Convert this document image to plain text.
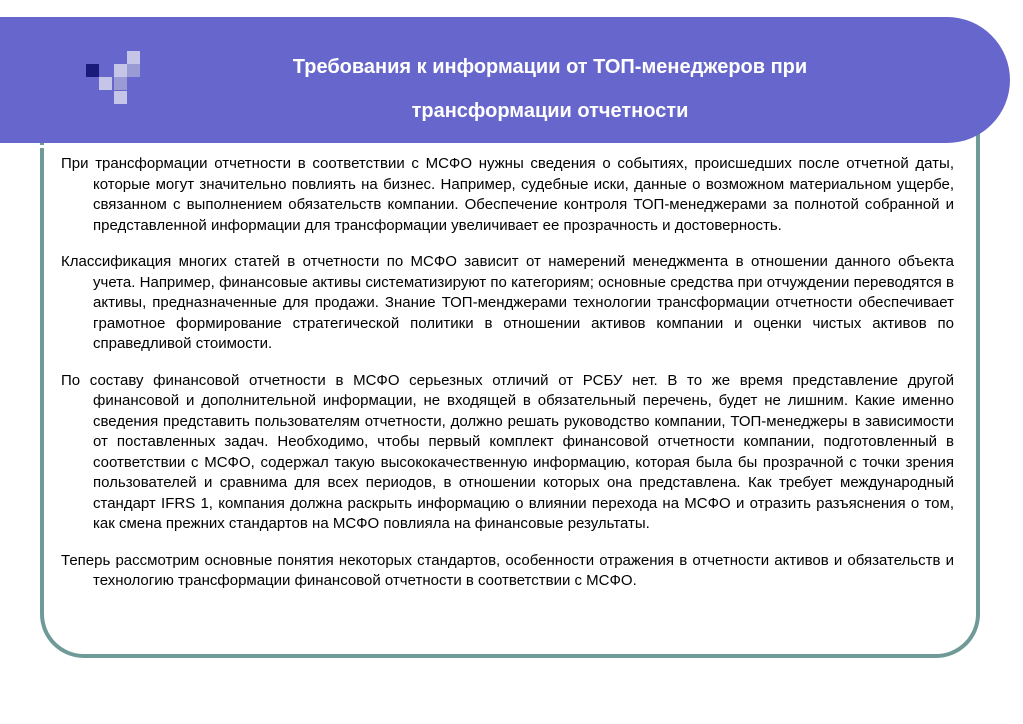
Требования к информации от ТОП-менеджеров при
трансформации отчетности

При трансформации отчетности в соответствии с МСФО нужны сведения о событиях, происшедших после отчетной даты, которые могут значительно повлиять на бизнес. Например, судебные иски, данные о возможном материальном ущербе, связанном с выполнением обязательств компании. Обеспечение контроля ТОП-менеджерами за полнотой собранной и представленной информации для трансформации увеличивает ее прозрачность и достоверность.

Классификация многих статей в отчетности по МСФО зависит от намерений менеджмента в отношении данного объекта учета. Например, финансовые активы систематизируют по категориям; основные средства при отчуждении переводятся в активы, предназначенные для продажи. Знание ТОП-менджерами технологии трансформации отчетности обеспечивает грамотное формирование стратегической политики в отношении активов компании и оценки чистых активов по справедливой стоимости.

По составу финансовой отчетности в МСФО серьезных отличий от РСБУ нет. В то же время представление другой финансовой и дополнительной информации, не входящей в обязательный перечень, будет не лишним. Какие именно сведения представить пользователям отчетности, должно решать руководство компании, ТОП-менеджеры в зависимости от поставленных задач. Необходимо, чтобы первый комплект финансовой отчетности компании, подготовленный в соответствии с МСФО, содержал такую высококачественную информацию, которая была бы прозрачной с точки зрения пользователей и сравнима для всех периодов, в отношении которых она представлена. Как требует международный стандарт IFRS 1, компания должна раскрыть информацию о влиянии перехода на МСФО и отразить разъяснения о том, как смена прежних стандартов на МСФО повлияла на финансовые результаты.

Теперь рассмотрим основные понятия некоторых стандартов, особенности отражения в отчетности активов и обязательств и технологию трансформации финансовой отчетности в соответствии с МСФО.
